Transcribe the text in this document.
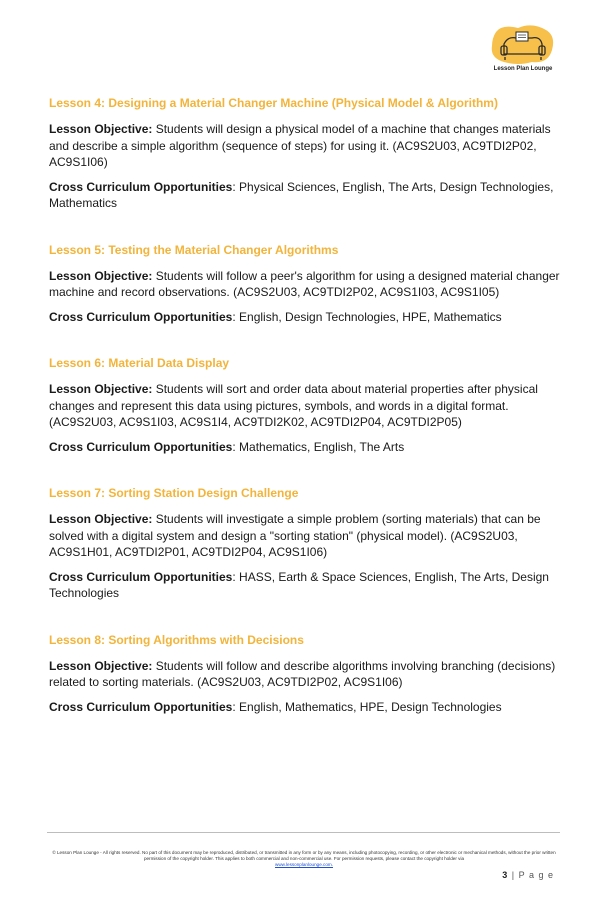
Lesson Plan Lounge
Lesson 4: Designing a Material Changer Machine (Physical Model & Algorithm)
Lesson Objective: Students will design a physical model of a machine that changes materials and describe a simple algorithm (sequence of steps) for using it. (AC9S2U03, AC9TDI2P02, AC9S1I06)
Cross Curriculum Opportunities: Physical Sciences, English, The Arts, Design Technologies, Mathematics
Lesson 5: Testing the Material Changer Algorithms
Lesson Objective: Students will follow a peer's algorithm for using a designed material changer machine and record observations. (AC9S2U03, AC9TDI2P02, AC9S1I03, AC9S1I05)
Cross Curriculum Opportunities: English, Design Technologies, HPE, Mathematics
Lesson 6: Material Data Display
Lesson Objective: Students will sort and order data about material properties after physical changes and represent this data using pictures, symbols, and words in a digital format. (AC9S2U03, AC9S1I03, AC9S1I4, AC9TDI2K02, AC9TDI2P04, AC9TDI2P05)
Cross Curriculum Opportunities: Mathematics, English, The Arts
Lesson 7: Sorting Station Design Challenge
Lesson Objective: Students will investigate a simple problem (sorting materials) that can be solved with a digital system and design a "sorting station" (physical model). (AC9S2U03, AC9S1H01, AC9TDI2P01, AC9TDI2P04, AC9S1I06)
Cross Curriculum Opportunities: HASS, Earth & Space Sciences, English, The Arts, Design Technologies
Lesson 8: Sorting Algorithms with Decisions
Lesson Objective: Students will follow and describe algorithms involving branching (decisions) related to sorting materials. (AC9S2U03, AC9TDI2P02, AC9S1I06)
Cross Curriculum Opportunities: English, Mathematics, HPE, Design Technologies
© Lesson Plan Lounge - All rights reserved. No part of this document may be reproduced, distributed, or transmitted in any form or by any means, including photocopying, recording, or other electronic or mechanical methods, without the prior written permission of the copyright holder. This applies to both commercial and non-commercial use. For permission requests, please contact the copyright holder via
www.lessonplanlounge.com.
3 | P a g e
